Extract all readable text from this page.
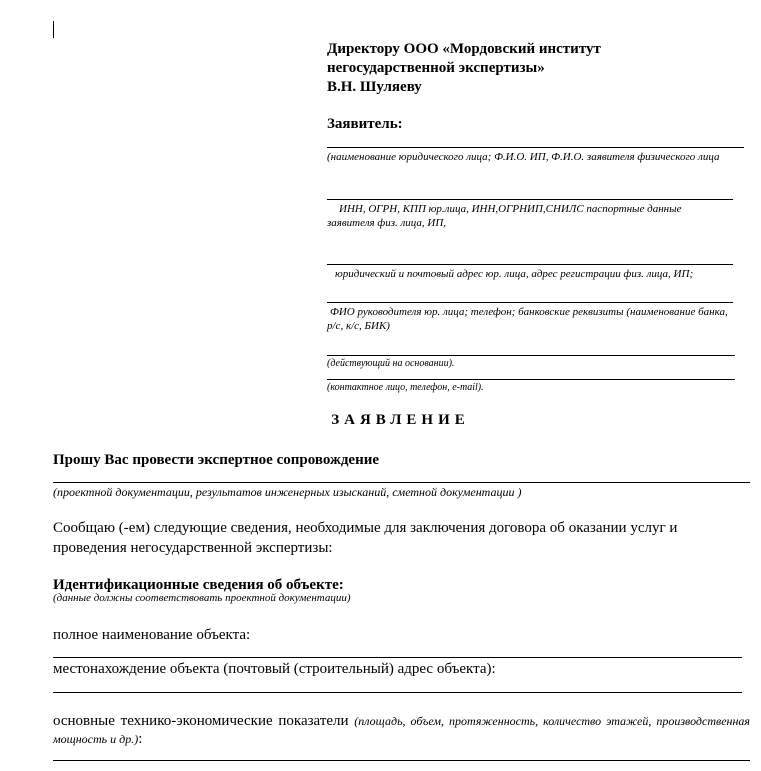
Директору ООО «Мордовский институт

негосударственной экспертизы»

В.Н. Шуляеву

Заявитель:
(наименование юридического лица; Ф.И.О. ИП, Ф.И.О. заявителя физического лица
ИНН, ОГРН, КПП юр.лица, ИНН,ОГРНИП,СНИЛС паспортные данные заявителя физ. лица, ИП,
юридический и почтовый адрес юр. лица, адрес регистрации физ. лица, ИП;
ФИО руководителя юр. лица; телефон; банковские реквизиты (наименование банка, р/с, к/с, БИК)
(действующий на основании).
(контактное лицо, телефон, e-mail).
ЗАЯВЛЕНИЕ
Прошу Вас провести экспертное сопровождение
(проектной документации, результатов инженерных изысканий, сметной документации )
Сообщаю (-ем) следующие сведения, необходимые для заключения договора об оказании услуг и проведения негосударственной экспертизы:
Идентификационные сведения об объекте:
(данные должны соответствовать проектной документации)
полное наименование объекта:
местонахождение объекта (почтовый (строительный) адрес объекта):
основные технико-экономические показатели (площадь, объем, протяженность, количество этажей, производственная мощность и др.):
